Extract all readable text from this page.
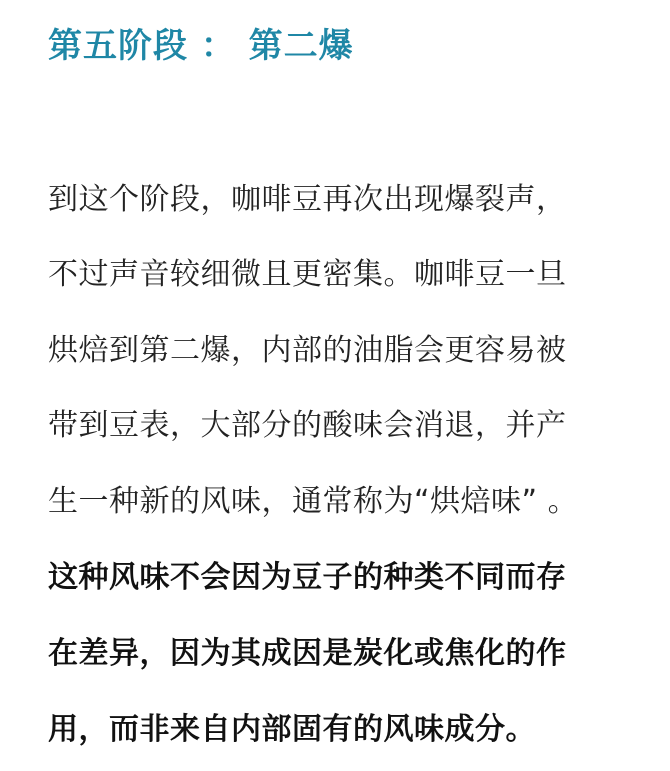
第五阶段 ： 第二爆

到这个阶段，咖啡豆再次出现爆裂声，

不过声音较细微且更密集。咖啡豆一旦

烘焙到第二爆，内部的油脂会更容易被

带到豆表，大部分的酸味会消退，并产

生一种新的风味，通常称为“烘焙味” 。

这种风味不会因为豆子的种类不同而存

在差异，因为其成因是炭化或焦化的作

用，而非来自内部固有的风味成分。
